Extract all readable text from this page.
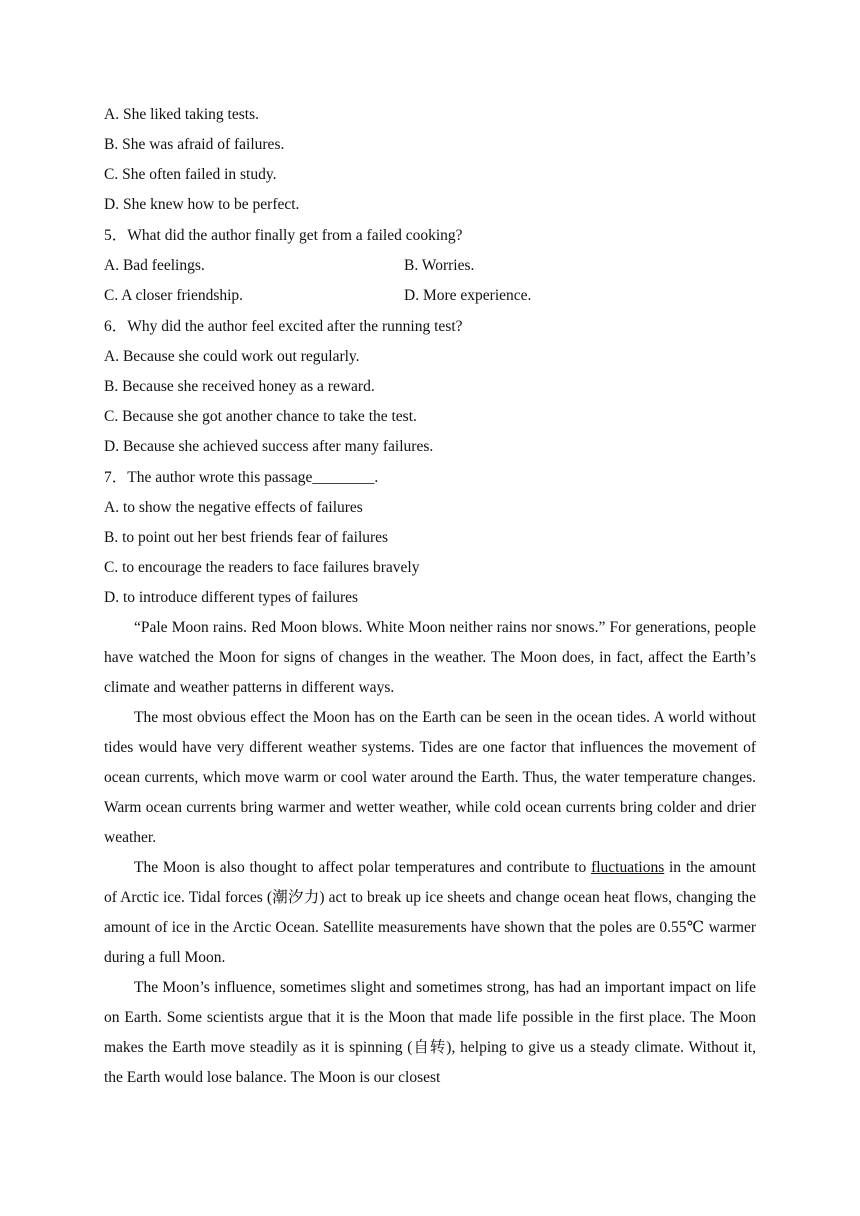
A. She liked taking tests.
B. She was afraid of failures.
C. She often failed in study.
D. She knew how to be perfect.
5．What did the author finally get from a failed cooking?
A. Bad feelings.	B. Worries.
C. A closer friendship.	D. More experience.
6．Why did the author feel excited after the running test?
A. Because she could work out regularly.
B. Because she received honey as a reward.
C. Because she got another chance to take the test.
D. Because she achieved success after many failures.
7．The author wrote this passage________.
A. to show the negative effects of failures
B. to point out her best friends fear of failures
C. to encourage the readers to face failures bravely
D. to introduce different types of failures

“Pale Moon rains. Red Moon blows. White Moon neither rains nor snows.” For generations, people have watched the Moon for signs of changes in the weather. The Moon does, in fact, affect the Earth’s climate and weather patterns in different ways.

The most obvious effect the Moon has on the Earth can be seen in the ocean tides. A world without tides would have very different weather systems. Tides are one factor that influences the movement of ocean currents, which move warm or cool water around the Earth. Thus, the water temperature changes. Warm ocean currents bring warmer and wetter weather, while cold ocean currents bring colder and drier weather.

The Moon is also thought to affect polar temperatures and contribute to fluctuations in the amount of Arctic ice. Tidal forces (潮汐力) act to break up ice sheets and change ocean heat flows, changing the amount of ice in the Arctic Ocean. Satellite measurements have shown that the poles are 0.55℃ warmer during a full Moon.

The Moon’s influence, sometimes slight and sometimes strong, has had an important impact on life on Earth. Some scientists argue that it is the Moon that made life possible in the first place. The Moon makes the Earth move steadily as it is spinning (自转), helping to give us a steady climate. Without it, the Earth would lose balance. The Moon is our closest
